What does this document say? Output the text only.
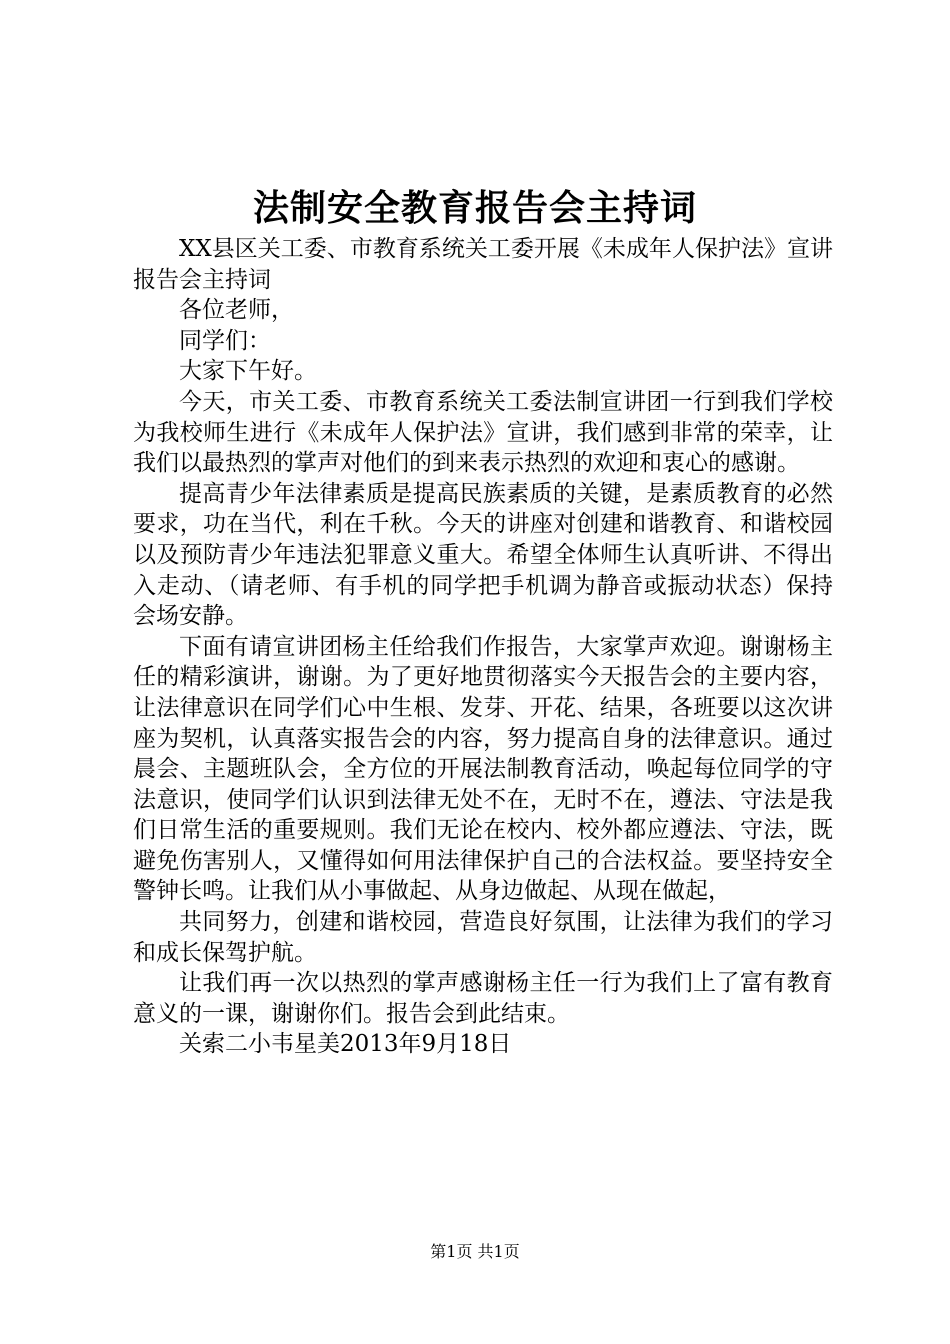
法制安全教育报告会主持词

XX县区关工委、市教育系统关工委开展《未成年人保护法》宣讲报告会主持词

各位老师，

同学们：

大家下午好。

今天，市关工委、市教育系统关工委法制宣讲团一行到我们学校为我校师生进行《未成年人保护法》宣讲，我们感到非常的荣幸，让我们以最热烈的掌声对他们的到来表示热烈的欢迎和衷心的感谢。

提高青少年法律素质是提高民族素质的关键，是素质教育的必然要求，功在当代，利在千秋。今天的讲座对创建和谐教育、和谐校园以及预防青少年违法犯罪意义重大。希望全体师生认真听讲、不得出入走动、（请老师、有手机的同学把手机调为静音或振动状态）保持会场安静。

下面有请宣讲团杨主任给我们作报告，大家掌声欢迎。谢谢杨主任的精彩演讲，谢谢。为了更好地贯彻落实今天报告会的主要内容，让法律意识在同学们心中生根、发芽、开花、结果，各班要以这次讲座为契机，认真落实报告会的内容，努力提高自身的法律意识。通过晨会、主题班队会，全方位的开展法制教育活动，唤起每位同学的守法意识，使同学们认识到法律无处不在，无时不在，遵法、守法是我们日常生活的重要规则。我们无论在校内、校外都应遵法、守法，既避免伤害别人，又懂得如何用法律保护自己的合法权益。要坚持安全警钟长鸣。让我们从小事做起、从身边做起、从现在做起，

共同努力，创建和谐校园，营造良好氛围，让法律为我们的学习和成长保驾护航。

让我们再一次以热烈的掌声感谢杨主任一行为我们上了富有教育意义的一课，谢谢你们。报告会到此结束。

关索二小韦星美2013年9月18日

第1页 共1页
